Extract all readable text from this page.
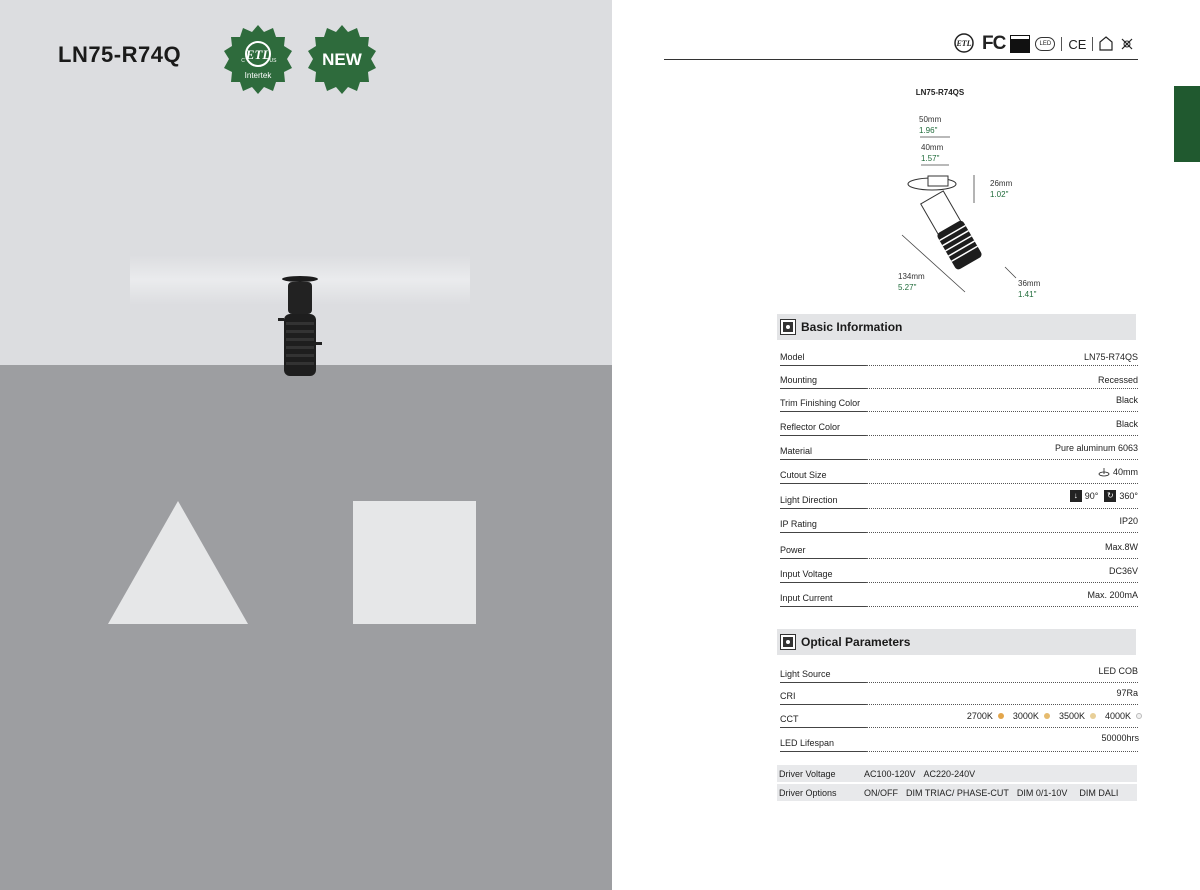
LN75-R74Q	ETL
C	US
Intertek
NEW
ETL FC	LED	CE
LN75-R74QS
50mm
1.96"
40mm
1.57"
26mm
1.02"
134mm
5.27"	36mm
1.41"
Basic Information
Model	LN75-R74QS
Mounting	Recessed
Trim Finishing Color	Black
Reflector Color	Black
Material	Pure aluminum 6063
Cutout Size	40mm
Light Direction	↓ 90°	↻ 360°
IP Rating	IP20
Power	Max.8W
Input Voltage	DC36V
Input Current	Max. 200mA
Optical Parameters
Light Source	LED COB
CRI	97Ra
CCT	2700K 3000K 3500K 4000K
LED Lifespan	50000hrs
Driver Voltage	AC100-120V AC220-240V
Driver Options	ON/OFF DIM TRIAC/ PHASE-CUT DIM 0/1-10V DIM DALI
